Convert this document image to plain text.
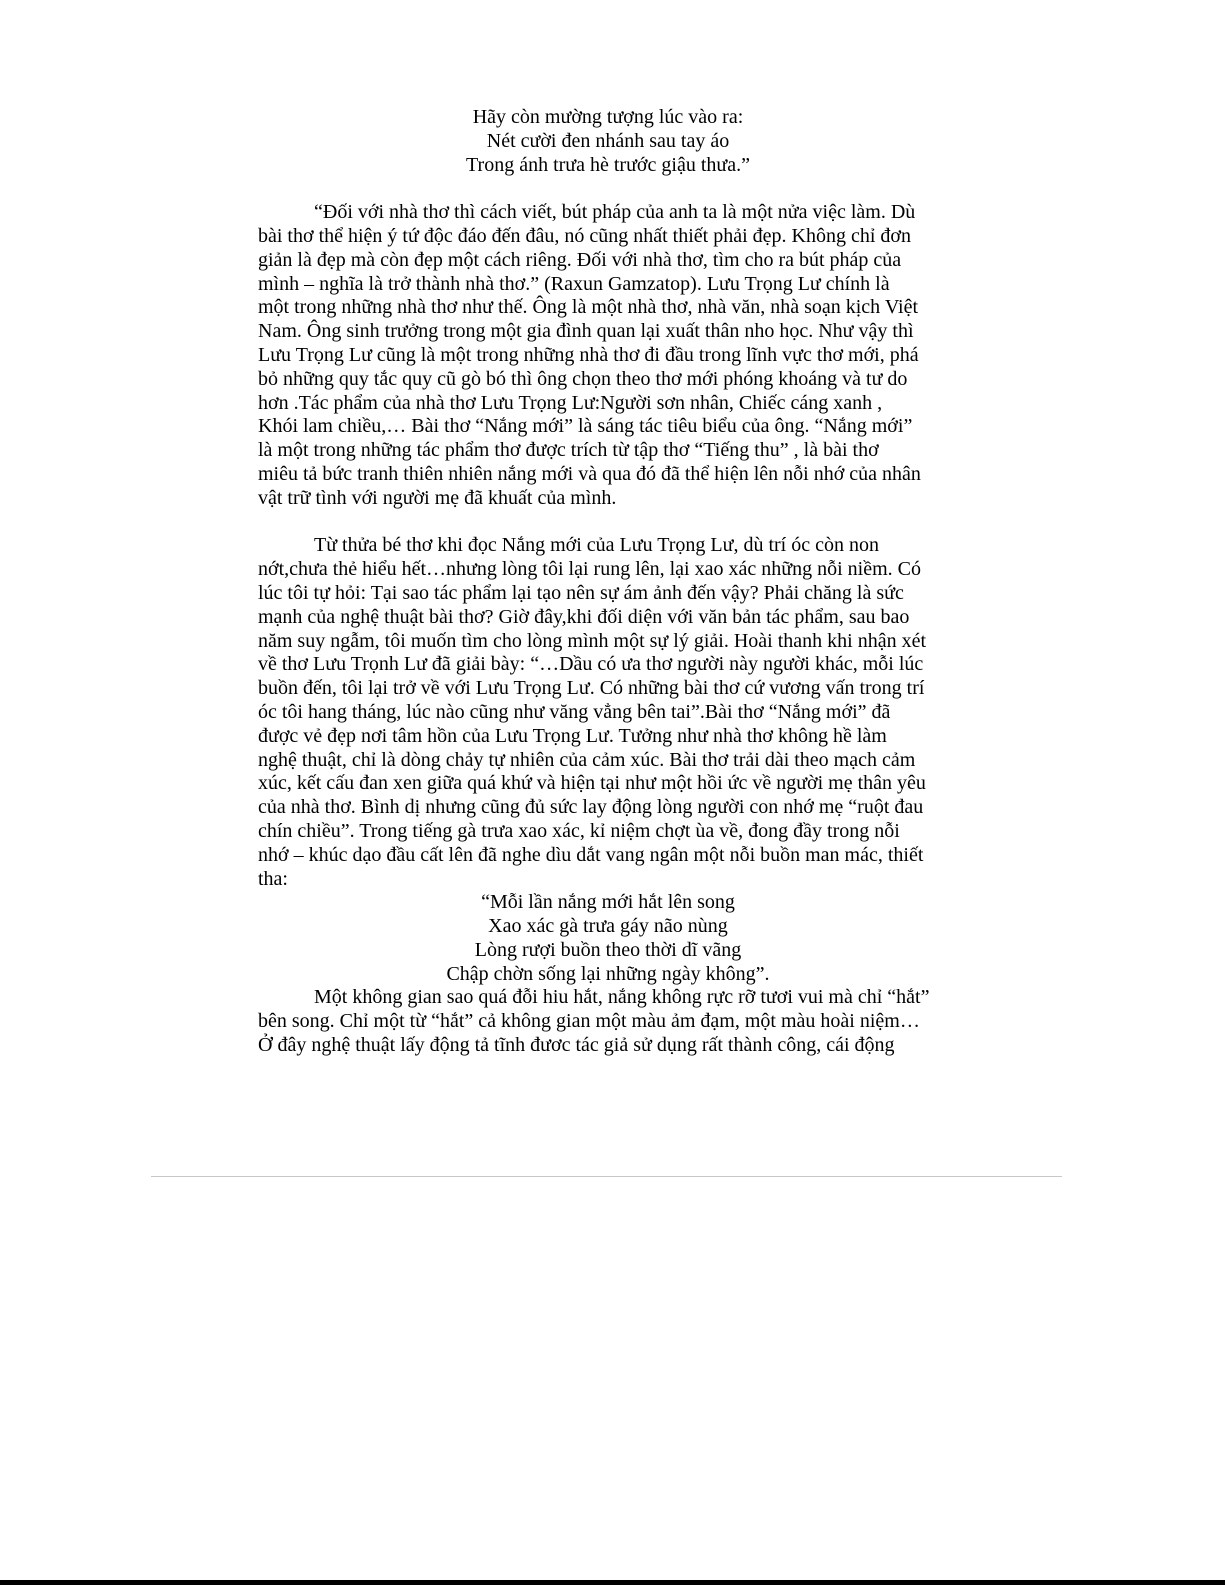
Hãy còn mường tượng lúc vào ra:
Nét cười đen nhánh sau tay áo
Trong ánh trưa hè trước giậu thưa.”
“Đối với nhà thơ thì cách viết, bút pháp của anh ta là một nửa việc làm. Dù
bài thơ thể hiện ý tứ độc đáo đến đâu, nó cũng nhất thiết phải đẹp. Không chỉ đơn
giản là đẹp mà còn đẹp một cách riêng. Đối với nhà thơ, tìm cho ra bút pháp của
mình – nghĩa là trở thành nhà thơ.” (Raxun Gamzatop). Lưu Trọng Lư chính là
một trong những nhà thơ như thế. Ông là một nhà thơ, nhà văn, nhà soạn kịch Việt
Nam. Ông sinh trưởng trong một gia đình quan lại xuất thân nho học. Như vậy thì
Lưu Trọng Lư cũng là một trong những nhà thơ đi đầu trong lĩnh vực thơ mới, phá
bỏ những quy tắc quy cũ gò bó thì ông chọn theo thơ mới phóng khoáng và tư do
hơn .Tác phẩm của nhà thơ Lưu Trọng Lư:Người sơn nhân, Chiếc cáng xanh ,
Khói lam chiều,… Bài thơ “Nắng mới” là sáng tác tiêu biểu của ông. “Nắng mới”
là một trong những tác phẩm thơ được trích từ tập thơ “Tiếng thu” , là bài thơ
miêu tả bức tranh thiên nhiên nắng mới và qua đó đã thể hiện lên nỗi nhớ của nhân
vật trữ tình với người mẹ đã khuất của mình.
Từ thửa bé thơ khi đọc Nắng mới của Lưu Trọng Lư, dù trí óc còn non
nớt,chưa thẻ hiểu hết…nhưng lòng tôi lại rung lên, lại xao xác những nỗi niềm. Có
lúc tôi tự hỏi: Tại sao tác phẩm lại tạo nên sự ám ảnh đến vậy? Phải chăng là sức
mạnh của nghệ thuật bài thơ? Giờ đây,khi đối diện với văn bản tác phẩm, sau bao
năm suy ngẫm, tôi muốn tìm cho lòng mình một sự lý giải. Hoài thanh khi nhận xét
về thơ Lưu Trọnh Lư đã giải bày: “…Dầu có ưa thơ người này người khác, mỗi lúc
buồn đến, tôi lại trở về với Lưu Trọng Lư. Có những bài thơ cứ vương vấn trong trí
óc tôi hang tháng, lúc nào cũng như văng vẳng bên tai”.Bài thơ “Nắng mới” đã
được vẻ đẹp nơi tâm hồn của Lưu Trọng Lư. Tưởng như nhà thơ không hề làm
nghệ thuật, chỉ là dòng chảy tự nhiên của cảm xúc. Bài thơ trải dài theo mạch cảm
xúc, kết cấu đan xen giữa quá khứ và hiện tại như một hồi ức về người mẹ thân yêu
của nhà thơ. Bình dị nhưng cũng đủ sức lay động lòng người con nhớ mẹ “ruột đau
chín chiều”. Trong tiếng gà trưa xao xác, kỉ niệm chợt ùa về, đong đầy trong nỗi
nhớ – khúc dạo đầu cất lên đã nghe dìu dắt vang ngân một nỗi buồn man mác, thiết
tha:
“Mỗi lần nắng mới hắt lên song
Xao xác gà trưa gáy não nùng
Lòng rượi buồn theo thời dĩ vãng
Chập chờn sống lại những ngày không”.
Một không gian sao quá đỗi hiu hắt, nắng không rực rỡ tươi vui mà chỉ “hắt”
bên song. Chỉ một từ “hắt” cả không gian một màu ảm đạm, một màu hoài niệm…
Ở đây nghệ thuật lấy động tả tĩnh đươc tác giả sử dụng rất thành công, cái động
